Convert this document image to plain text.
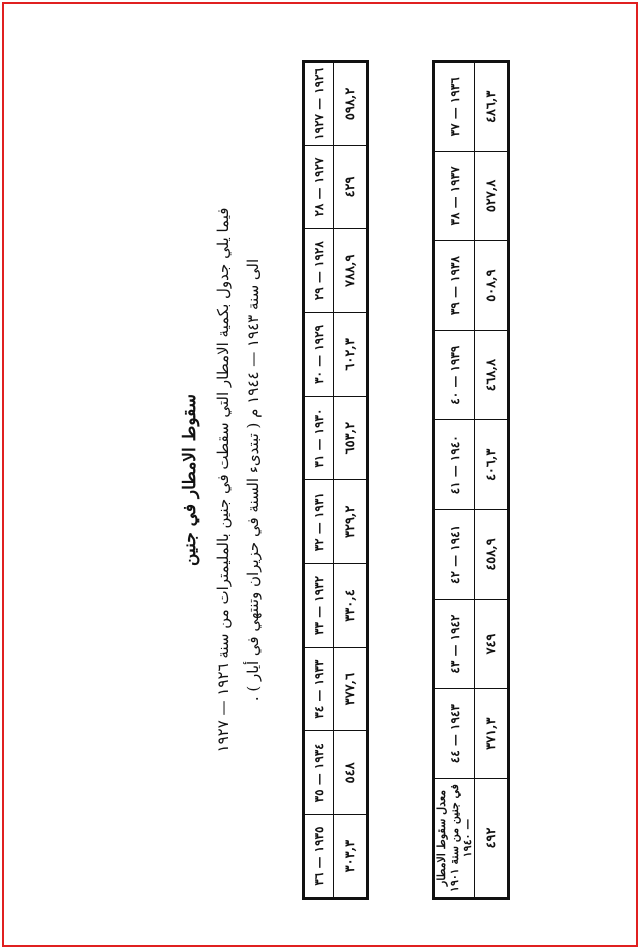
سقوط الامطار في جنين
فيما يلي جدول بكمية الامطار التي سقطت في جنين بالمليمترات من سنة ١٩٢٦ — ١٩٢٧ الى سنة ١٩٤٣ — ١٩٤٤ م ( تبتدىء السنة في حزيران وتنتهي في أيار ) .
١٩٢٦ — ١٩٢٧	١٩٢٧ — ٢٨	١٩٢٨ — ٢٩	١٩٢٩ — ٣٠	١٩٣٠ — ٣١	١٩٣١ — ٣٢	١٩٣٢ — ٣٣	١٩٣٣ — ٣٤	١٩٣٤ — ٣٥	١٩٣٥ — ٣٦
٥٩٨,٢	٤٢٩	٧٨٨,٩	٦٠٢,٣	٦٥٣,٢	٣٢٩,٢	٣٣٠,٤	٣٧٧,٦	٥٤٨	٣٠٣,٣
١٩٣٦ — ٣٧	١٩٣٧ — ٣٨	١٩٣٨ — ٣٩	١٩٣٩ — ٤٠	١٩٤٠ — ٤١	١٩٤١ — ٤٢	١٩٤٢ — ٤٣	١٩٤٣ — ٤٤	معدل سقوط الامطار في جنين من سنة ١٩٠١ — ١٩٤٠
٤٨٦,٣	٥٢٧,٨	٥٠٨,٩	٤٦٨,٨	٤٠٦,٣	٤٥٨,٩	٧٤٩	٣٧١,٣	٤٩٢
